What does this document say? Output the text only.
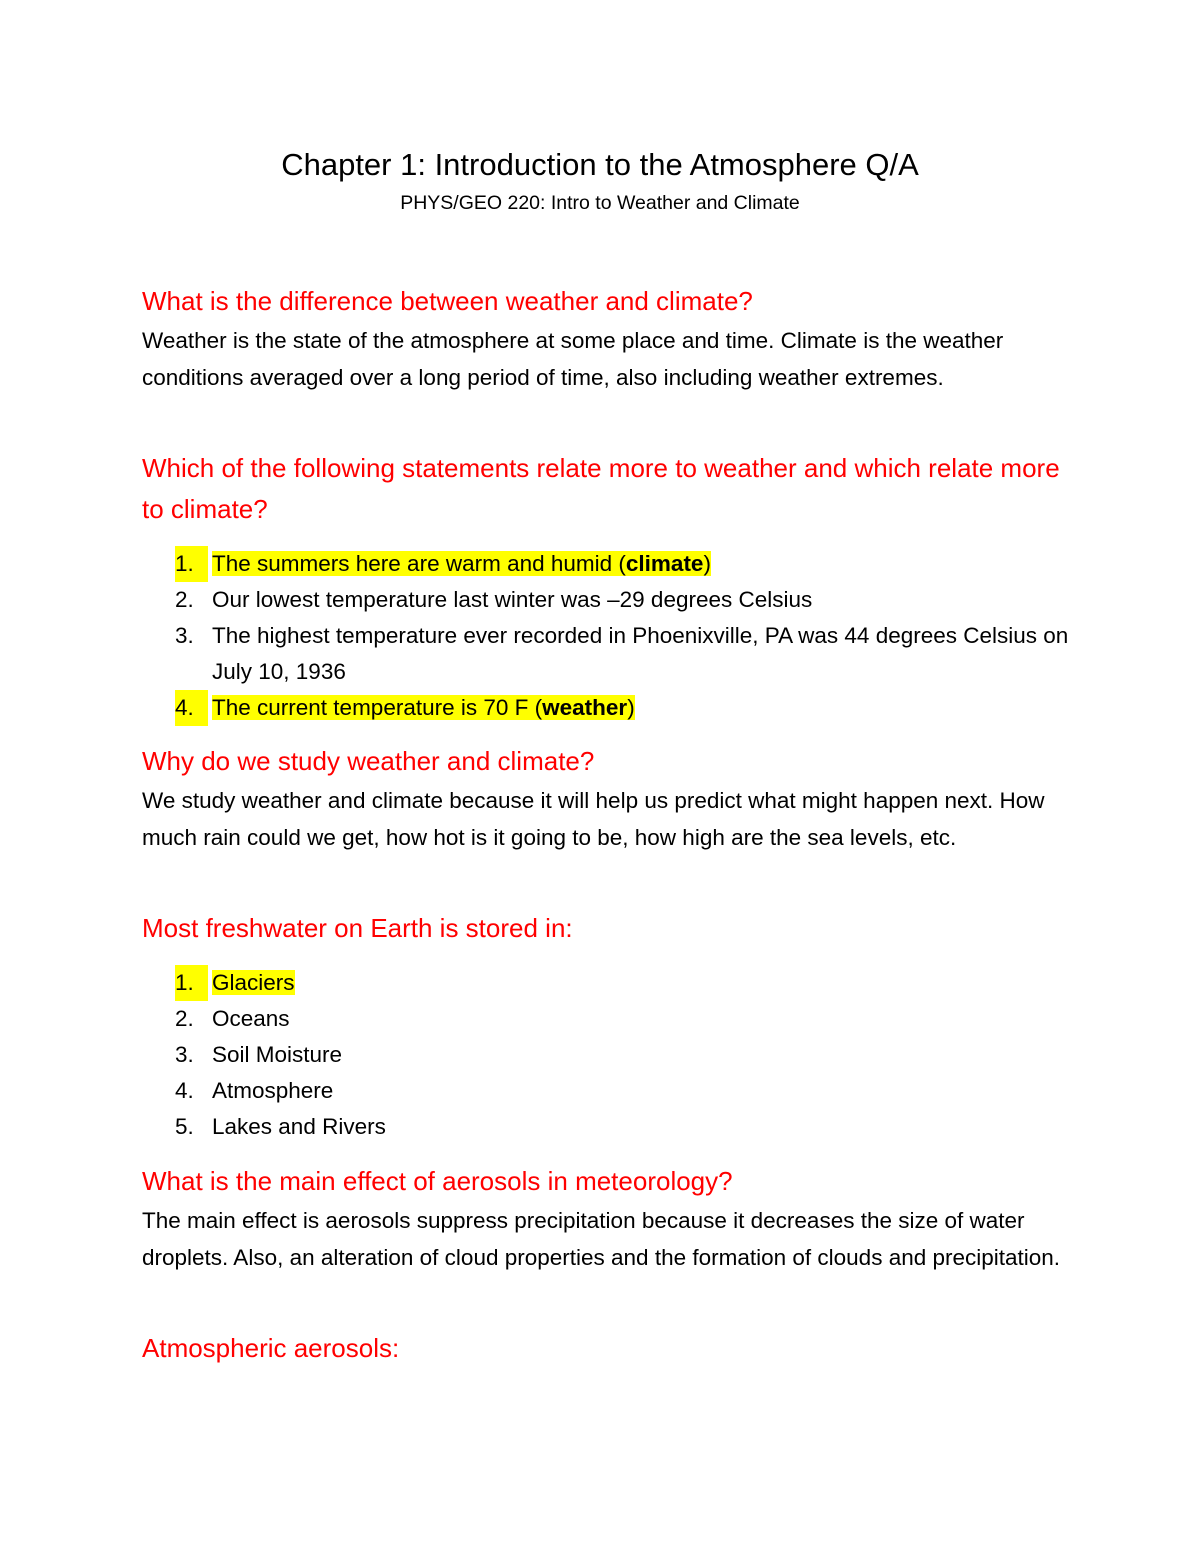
Chapter 1: Introduction to the Atmosphere Q/A

PHYS/GEO 220: Intro to Weather and Climate

What is the difference between weather and climate?

Weather is the state of the atmosphere at some place and time. Climate is the weather conditions averaged over a long period of time, also including weather extremes.

Which of the following statements relate more to weather and which relate more to climate?
1. The summers here are warm and humid (climate)
2. Our lowest temperature last winter was –29 degrees Celsius
3. The highest temperature ever recorded in Phoenixville, PA was 44 degrees Celsius on July 10, 1936
4. The current temperature is 70 F (weather)
Why do we study weather and climate?

We study weather and climate because it will help us predict what might happen next. How much rain could we get, how hot is it going to be, how high are the sea levels, etc.

Most freshwater on Earth is stored in:
1. Glaciers
2. Oceans
3. Soil Moisture
4. Atmosphere
5. Lakes and Rivers
What is the main effect of aerosols in meteorology?

The main effect is aerosols suppress precipitation because it decreases the size of water droplets. Also, an alteration of cloud properties and the formation of clouds and precipitation.

Atmospheric aerosols:
